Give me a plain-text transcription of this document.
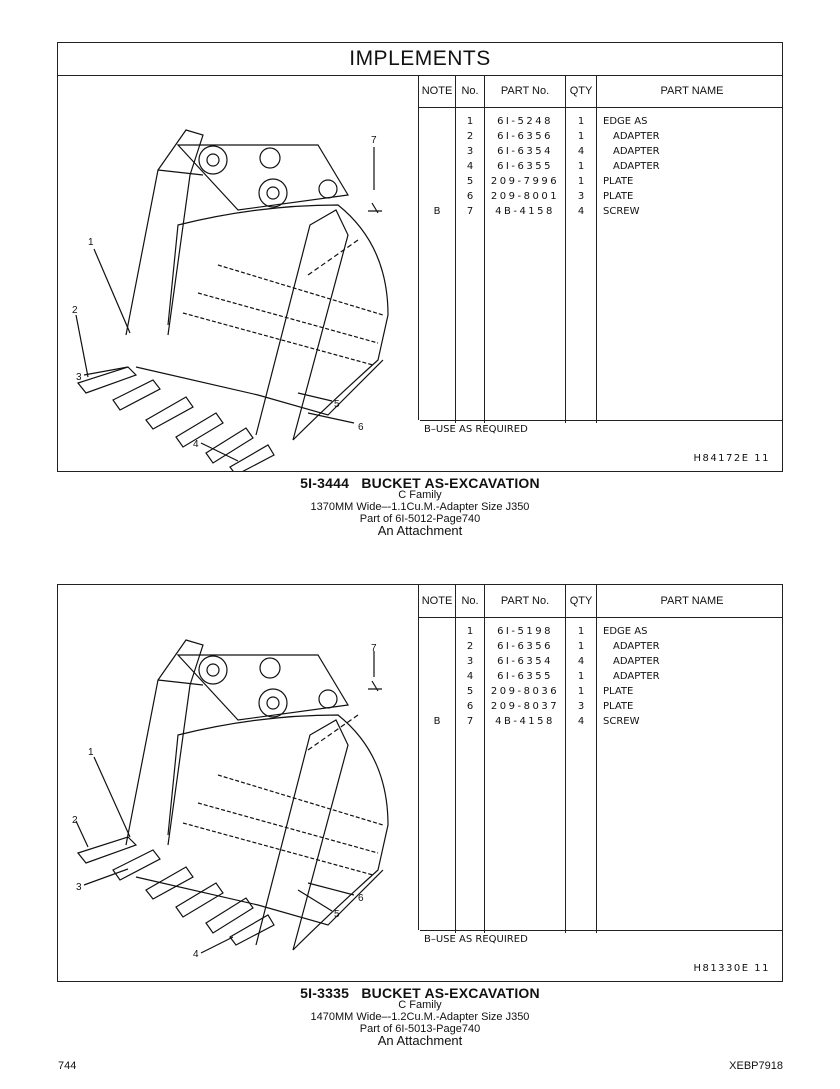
IMPLEMENTS
1
2
3
4
5
6
7
NOTE	No.	PART No.	QTY	PART NAME

	1	6I-5248	1	EDGE AS
	2	6I-6356	1	ADAPTER
	3	6I-6354	4	ADAPTER
	4	6I-6355	1	ADAPTER
	5	209-7996	1	PLATE
	6	209-8001	3	PLATE
B	7	4B-4158	4	SCREW

B–USE AS REQUIRED
H84172E 11
5I-3444 BUCKET AS-EXCAVATION
C Family
1370MM Wide–-1.1Cu.M.-Adapter Size J350
Part of 6I-5012-Page740
An Attachment
1
2
3
4
5
6
7
NOTE	No.	PART No.	QTY	PART NAME

	1	6I-5198	1	EDGE AS
	2	6I-6356	1	ADAPTER
	3	6I-6354	4	ADAPTER
	4	6I-6355	1	ADAPTER
	5	209-8036	1	PLATE
	6	209-8037	3	PLATE
B	7	4B-4158	4	SCREW

B–USE AS REQUIRED
H81330E 11
5I-3335 BUCKET AS-EXCAVATION
C Family
1470MM Wide–-1.2Cu.M.-Adapter Size J350
Part of 6I-5013-Page740
An Attachment
744	XEBP7918
